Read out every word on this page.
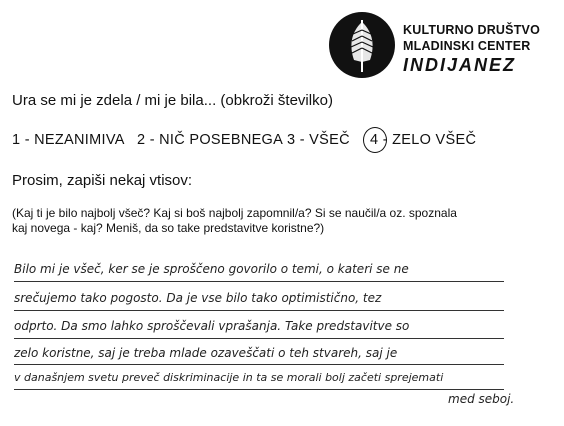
KULTURNO DRUŠTVO
MLADINSKI CENTER
INDIJANEZ
Ura se mi je zdela / mi je bila... (obkroži številko)
1 - NEZANIMIVA 2 - NIČ POSEBNEGA 3 - VŠEČ 4 - ZELO VŠEČ
Prosim, zapiši nekaj vtisov:
(Kaj ti je bilo najbolj všeč? Kaj si boš najbolj zapomnil/a? Si se naučil/a oz. spoznala
kaj novega - kaj? Meniš, da so take predstavitve koristne?)
Bilo mi je všeč, ker se je sproščeno govorilo o temi, o kateri se ne
srečujemo tako pogosto. Da je vse bilo tako optimistično, tez
odprto. Da smo lahko sproščevali vprašanja. Take predstavitve so
zelo koristne, saj je treba mlade ozaveščati o teh stvareh, saj je
v današnjem svetu preveč diskriminacije in ta se morali bolj začeti sprejemati
med seboj.
